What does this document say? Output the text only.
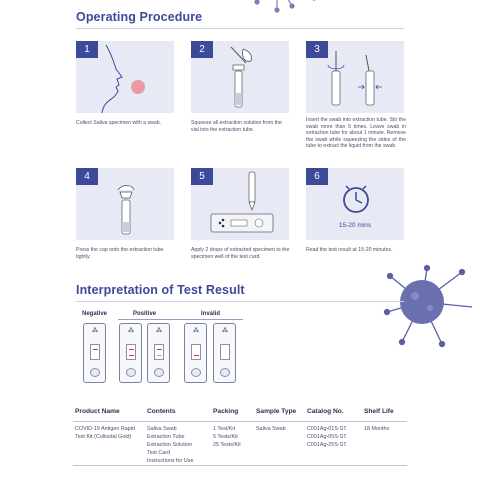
Operating Procedure
1
Collect Saliva specimen with a swab.
2
Squeeze all extraction solution from the vial into the extraction tube.
3
Insert the swab into extraction tube. Stir the swab more than 5 times. Leave swab in extraction tube for about 1 minute. Remove the swab while squeezing the sides of the tube to extract the liquid from the swab.
4
Press the cap onto the extraction tube tightly.
5
Apply 2 drops of extracted specimen to the specimen well of the test card.
6
15-20 mins
Read the test result at 15-20 minutes.
Interpretation of Test Result
Negative	Positive	Invalid
⁂	⁂	⁂	⁂	⁂
Product Name	Contents	Packing	Sample Type	Catalog No.	Shelf Life

COVID-19 Antigen Rapid
Test Kit (Colloidal Gold)	Saliva Swab
Extraction Tube
Extraction Solution
Test Card
Instructions for Use	1 Test/Kit
5 Tests/Kit
25 Tests/Kit	Saliva Swab	C001Ag-01S-ST
C001Ag-05S-ST
C001Ag-25S-ST	18 Months
